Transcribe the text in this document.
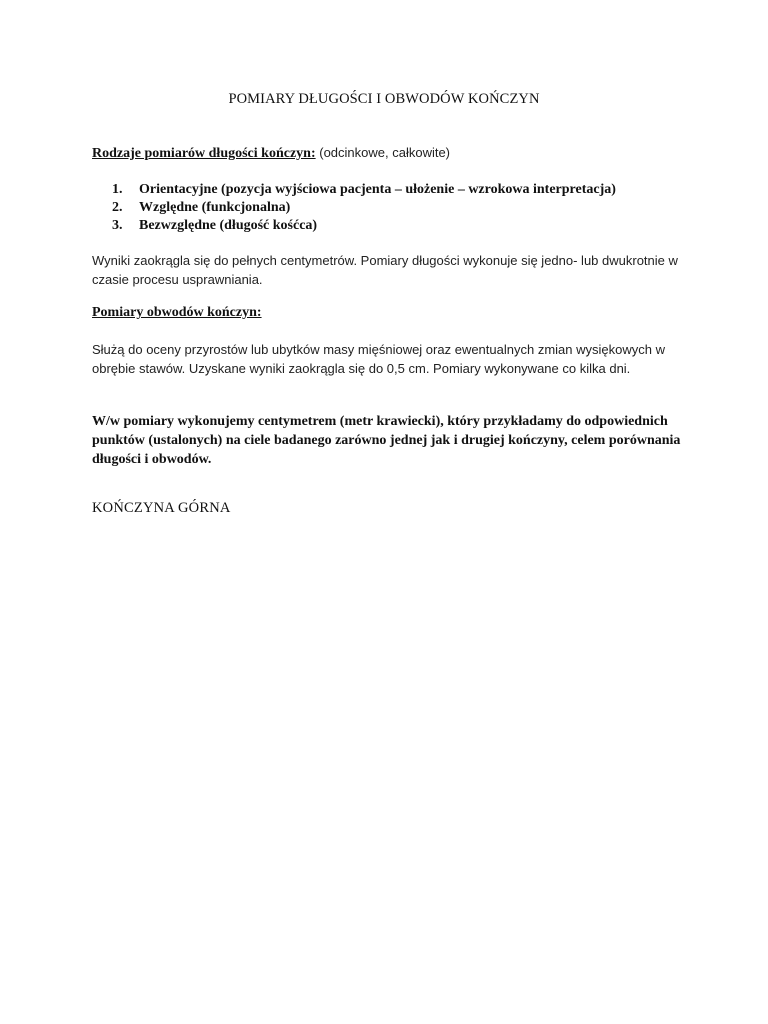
POMIARY DŁUGOŚCI I OBWODÓW KOŃCZYN

Rodzaje pomiarów długości kończyn: (odcinkowe, całkowite)

1. Orientacyjne (pozycja wyjściowa pacjenta – ułożenie – wzrokowa interpretacja)
2. Względne (funkcjonalna)
3. Bezwzględne (długość kośćca)

Wyniki zaokrągla się do pełnych centymetrów. Pomiary długości wykonuje się jedno- lub dwukrotnie w czasie procesu usprawniania.

Pomiary obwodów kończyn:

Służą do oceny przyrostów lub ubytków masy mięśniowej oraz ewentualnych zmian wysiękowych w obrębie stawów. Uzyskane wyniki zaokrągla się do 0,5 cm. Pomiary wykonywane co kilka dni.

W/w pomiary wykonujemy centymetrem (metr krawiecki), który przykładamy do odpowiednich punktów (ustalonych) na ciele badanego zarówno jednej jak i drugiej kończyny, celem porównania długości i obwodów.

KOŃCZYNA GÓRNA
